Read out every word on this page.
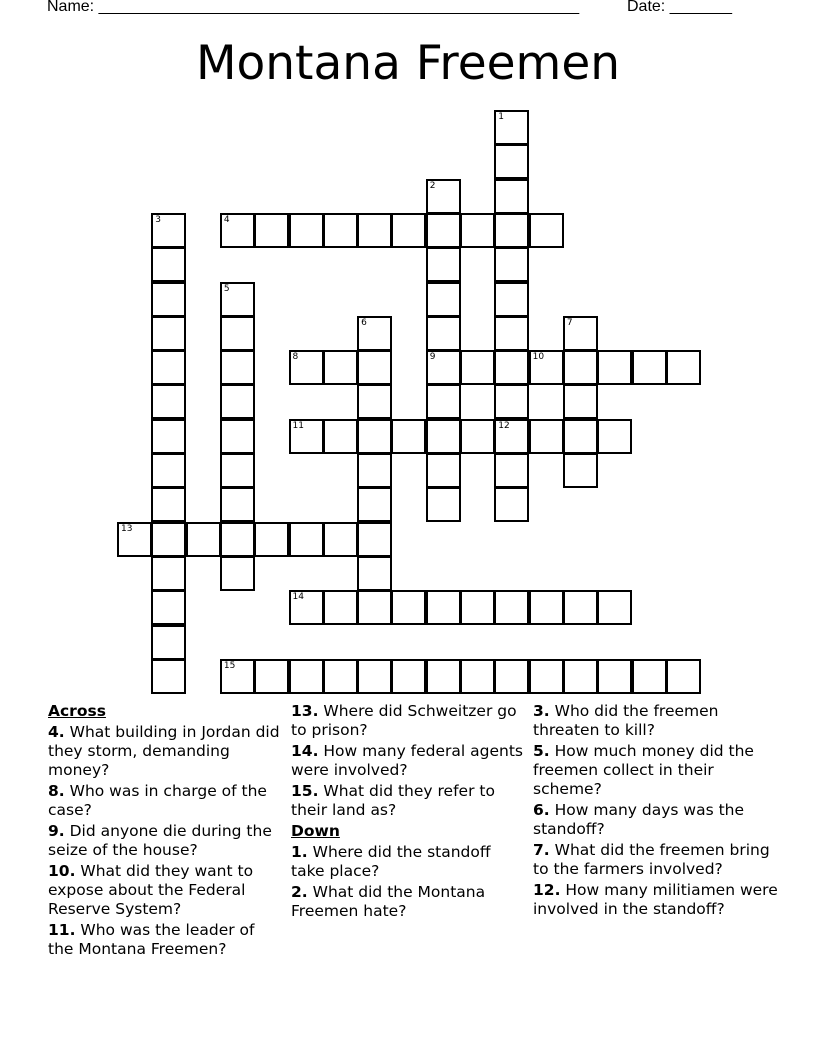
Name: ______________________________________________________	Date: _______
Montana Freemen
4
8	9	10
11	12
13
14
15
1
2
3
5
6	7
Across
4. What building in Jordan did they storm, demanding money?
8. Who was in charge of the case?
9. Did anyone die during the seize of the house?
10. What did they want to expose about the Federal Reserve System?
11. Who was the leader of the Montana Freemen?
13. Where did Schweitzer go to prison?
14. How many federal agents were involved?
15. What did they refer to their land as?
Down
1. Where did the standoff take place?
2. What did the Montana Freemen hate?
3. Who did the freemen threaten to kill?
5. How much money did the freemen collect in their scheme?
6. How many days was the standoff?
7. What did the freemen bring to the farmers involved?
12. How many militiamen were involved in the standoff?
